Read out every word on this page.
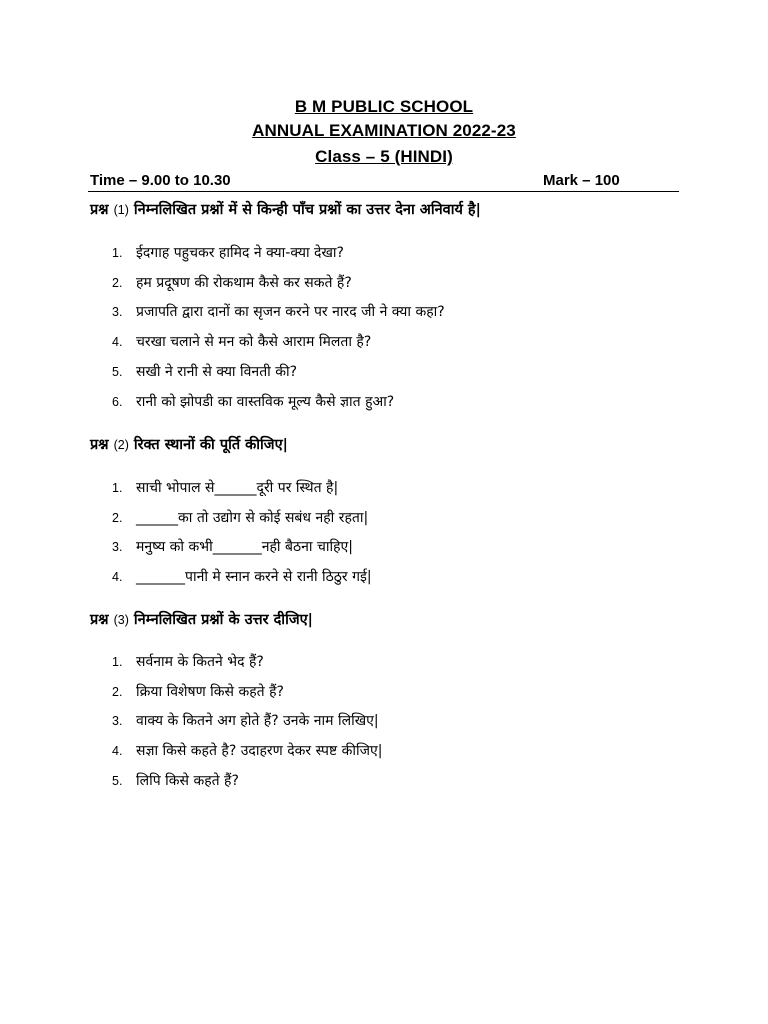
B M PUBLIC SCHOOL
ANNUAL EXAMINATION 2022-23
Class – 5 (HINDI)
Time – 9.00 to 10.30	Mark – 100
प्रश्न (1) निम्नलिखित प्रश्नों में से किन्ही पाँच प्रश्नों का उत्तर देना अनिवार्य है|
1. ईदगाह पहुचकर हामिद ने क्या-क्या देखा?
2. हम प्रदूषण की रोकथाम कैसे कर सकते हैं?
3. प्रजापति द्वारा दानों का सृजन करने पर नारद जी ने क्या कहा?
4. चरखा चलाने से मन को कैसे आराम मिलता है?
5. सखी ने रानी से क्या विनती की?
6. रानी को झोपडी का वास्तविक मूल्य कैसे ज्ञात हुआ?
प्रश्न (2) रिक्त स्थानों की पूर्ति कीजिए|
1. साची भोपाल से______दूरी पर स्थित है|
2. ______का तो उद्योग से कोई सबंध नही रहता|
3. मनुष्य को कभी_______नही बैठना चाहिए|
4. _______पानी मे स्नान करने से रानी ठिठुर गई|
प्रश्न (3) निम्नलिखित प्रश्नों के उत्तर दीजिए|
1. सर्वनाम के कितने भेद हैं?
2. क्रिया विशेषण किसे कहते हैं?
3. वाक्य के कितने अग होते हैं? उनके नाम लिखिए|
4. सज्ञा किसे कहते है? उदाहरण देकर स्पष्ट कीजिए|
5. लिपि किसे कहते हैं?
